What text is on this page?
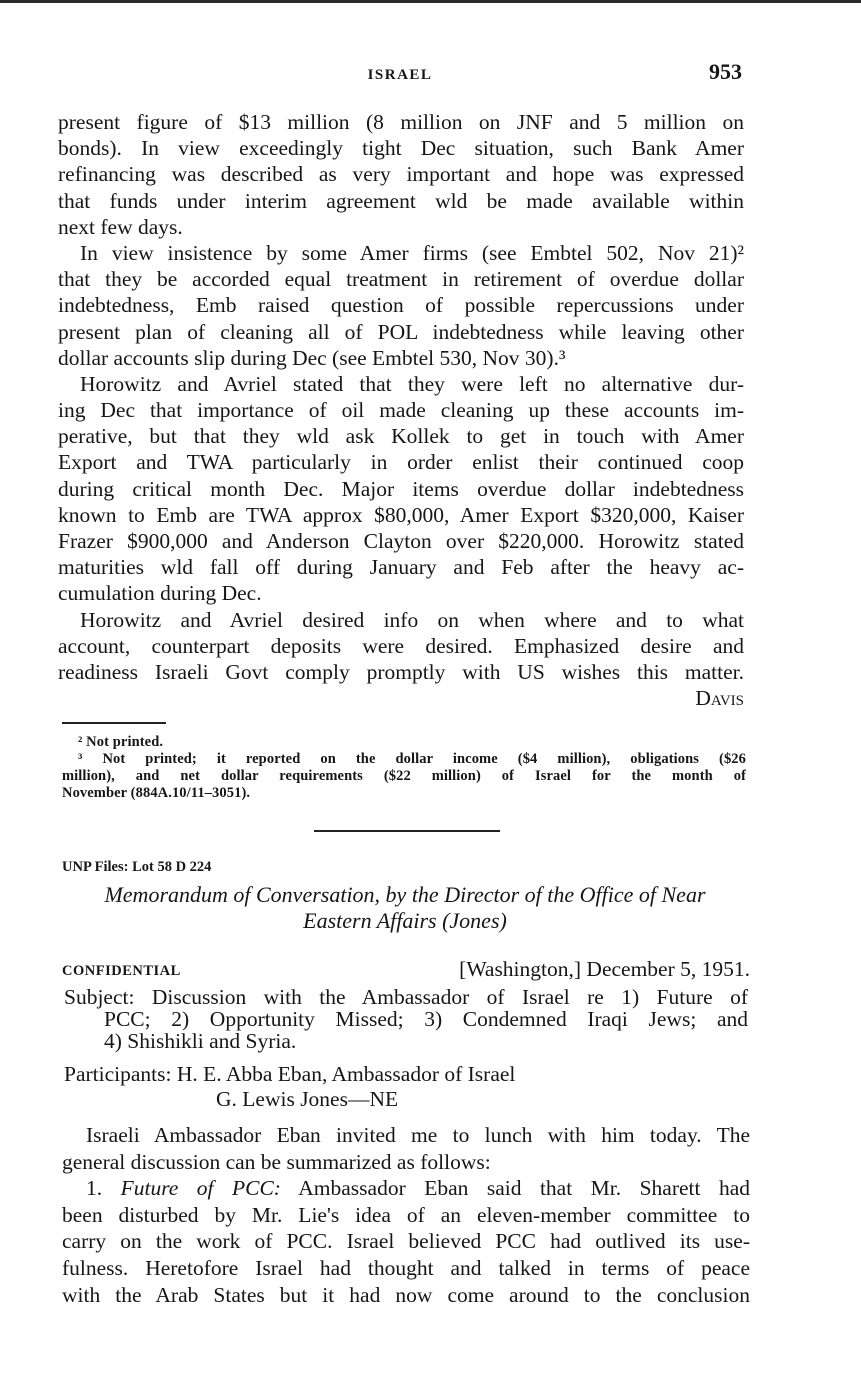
ISRAEL	953
present figure of $13 million (8 million on JNF and 5 million on
bonds). In view exceedingly tight Dec situation, such Bank Amer
refinancing was described as very important and hope was expressed
that funds under interim agreement wld be made available within
next few days.
In view insistence by some Amer firms (see Embtel 502, Nov 21)²
that they be accorded equal treatment in retirement of overdue dollar
indebtedness, Emb raised question of possible repercussions under
present plan of cleaning all of POL indebtedness while leaving other
dollar accounts slip during Dec (see Embtel 530, Nov 30).³
Horowitz and Avriel stated that they were left no alternative dur-
ing Dec that importance of oil made cleaning up these accounts im-
perative, but that they wld ask Kollek to get in touch with Amer
Export and TWA particularly in order enlist their continued coop
during critical month Dec. Major items overdue dollar indebtedness
known to Emb are TWA approx $80,000, Amer Export $320,000, Kaiser
Frazer $900,000 and Anderson Clayton over $220,000. Horowitz stated
maturities wld fall off during January and Feb after the heavy ac-
cumulation during Dec.
Horowitz and Avriel desired info on when where and to what
account, counterpart deposits were desired. Emphasized desire and
readiness Israeli Govt comply promptly with US wishes this matter.
Davis
² Not printed.
³ Not printed; it reported on the dollar income ($4 million), obligations ($26
million), and net dollar requirements ($22 million) of Israel for the month of
November (884A.10/11–3051).
UNP Files: Lot 58 D 224
Memorandum of Conversation, by the Director of the Office of Near
Eastern Affairs (Jones)
CONFIDENTIAL	[Washington,] December 5, 1951.
Subject: Discussion with the Ambassador of Israel re 1) Future of
PCC; 2) Opportunity Missed; 3) Condemned Iraqi Jews; and
4) Shishikli and Syria.
Participants: H. E. Abba Eban, Ambassador of Israel
G. Lewis Jones—NE
Israeli Ambassador Eban invited me to lunch with him today. The
general discussion can be summarized as follows:
1. Future of PCC: Ambassador Eban said that Mr. Sharett had
been disturbed by Mr. Lie's idea of an eleven-member committee to
carry on the work of PCC. Israel believed PCC had outlived its use-
fulness. Heretofore Israel had thought and talked in terms of peace
with the Arab States but it had now come around to the conclusion
